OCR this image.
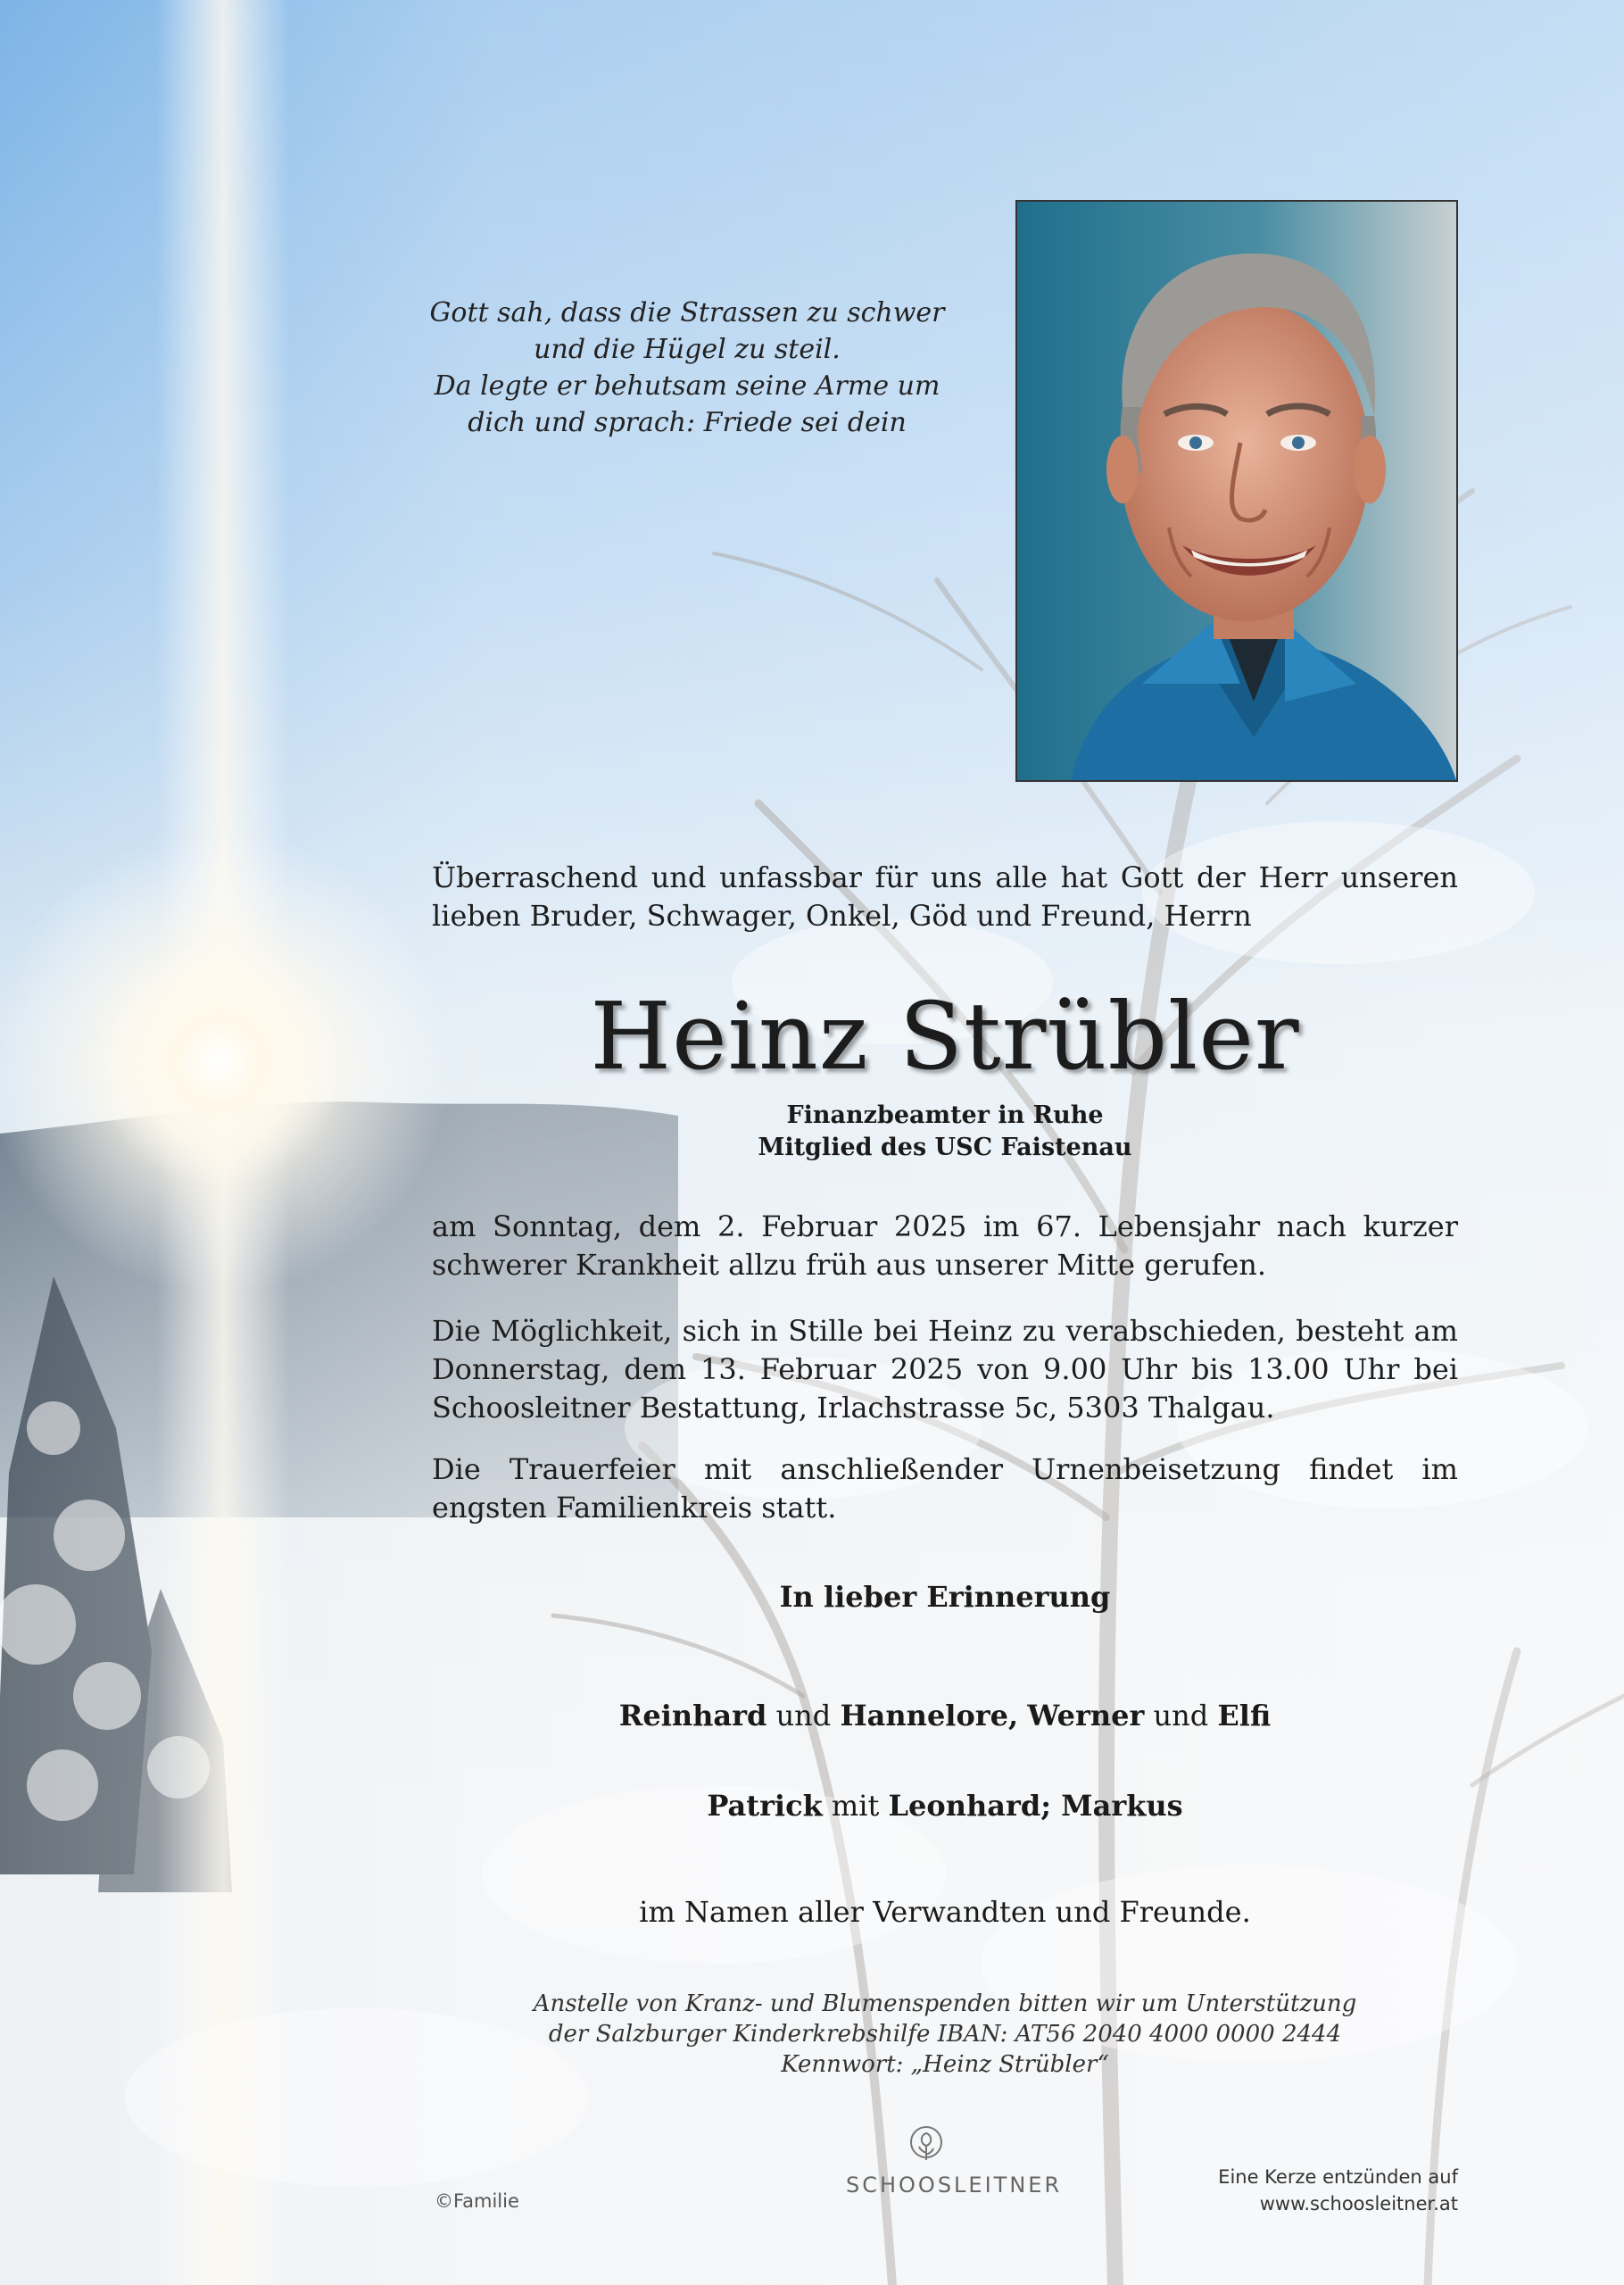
Gott sah, dass die Strassen zu schwer
und die Hügel zu steil.
Da legte er behutsam seine Arme um
dich und sprach: Friede sei dein
Überraschend und unfassbar für uns alle hat Gott der Herr unseren lieben Bruder, Schwager, Onkel, Göd und Freund, Herrn
Heinz Strübler
Finanzbeamter in Ruhe
Mitglied des USC Faistenau
am Sonntag, dem 2. Februar 2025 im 67. Lebensjahr nach kurzer schwerer Krankheit allzu früh aus unserer Mitte gerufen.
Die Möglichkeit, sich in Stille bei Heinz zu verabschieden, besteht am Donnerstag, dem 13. Februar 2025 von 9.00 Uhr bis 13.00 Uhr bei Schoosleitner Bestattung, Irlachstrasse 5c, 5303 Thalgau.
Die Trauerfeier mit anschließender Urnenbeisetzung findet im engsten Familienkreis statt.
In lieber Erinnerung
Reinhard und Hannelore, Werner und Elfi
Patrick mit Leonhard; Markus
im Namen aller Verwandten und Freunde.
Anstelle von Kranz- und Blumenspenden bitten wir um Unterstützung
der Salzburger Kinderkrebshilfe IBAN: AT56 2040 4000 0000 2444
Kennwort: „Heinz Strübler“
©Familie
SCHOOSLEITNER	Eine Kerze entzünden auf
www.schoosleitner.at
